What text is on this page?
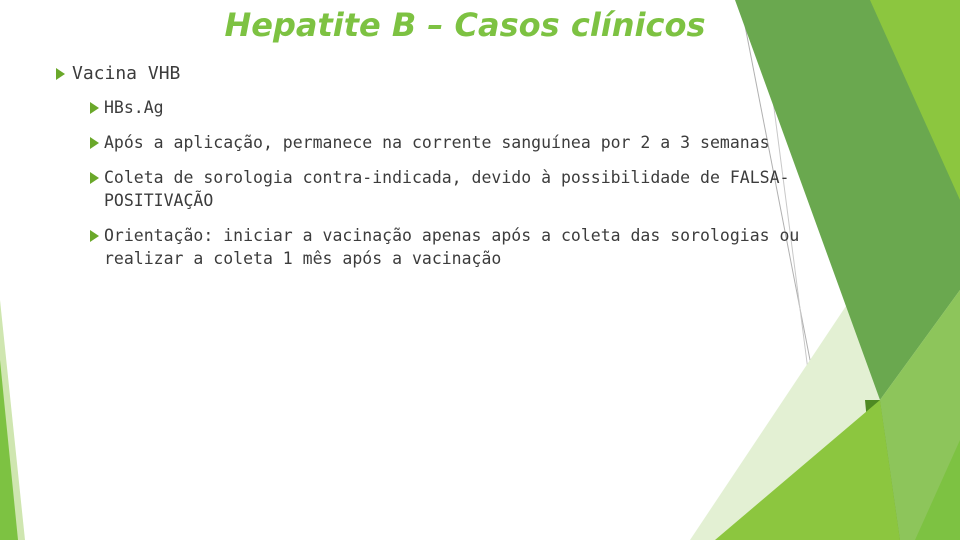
Hepatite B – Casos clínicos
Vacina VHB
HBs.Ag
Após a aplicação, permanece na corrente sanguínea por 2 a 3 semanas
Coleta de sorologia contra-indicada, devido à possibilidade de FALSA-
POSITIVAÇÃO
Orientação: iniciar a vacinação apenas após a coleta das sorologias ou
realizar a coleta 1 mês após a vacinação
